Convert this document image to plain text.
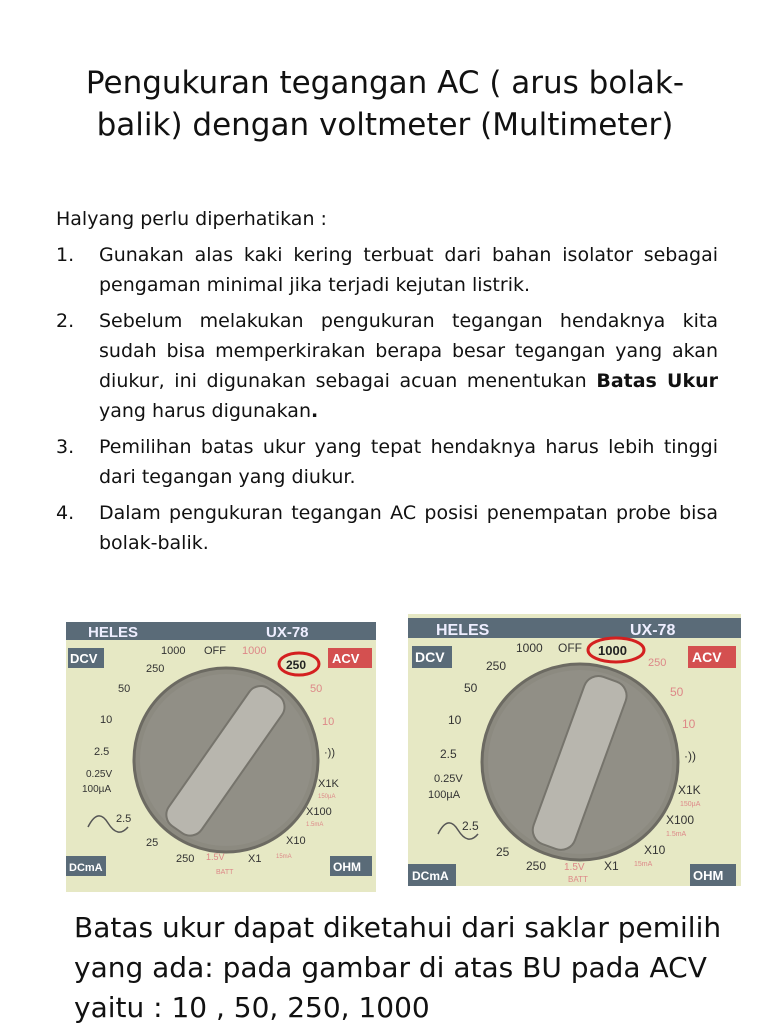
Pengukuran tegangan AC ( arus bolak-balik) dengan voltmeter (Multimeter)
Halyang perlu diperhatikan :
1. Gunakan alas kaki kering terbuat dari bahan isolator sebagai pengaman minimal jika terjadi kejutan listrik.
2. Sebelum melakukan pengukuran tegangan hendaknya kita sudah bisa memperkirakan berapa besar tegangan yang akan diukur, ini digunakan sebagai acuan menentukan Batas Ukur yang harus digunakan.
3. Pemilihan batas ukur yang tepat hendaknya harus lebih tinggi dari tegangan yang diukur.
4. Dalam pengukuran tegangan AC posisi penempatan probe bisa bolak-balik.
HELES	UX-78
DCV	ACV
1000 OFF 1000
250
50
10
2.5
0.25V
100µA
2.5
25
250
250
50
10
·))
X1K
150µA
X100
1.5mA
X10
15mA
X1
1.5V
BATT
DCmA	OHM
HELES	UX-78
DCV	ACV
1000 OFF 1000
250
250
50
10
2.5
0.25V
100µA
2.5
25
250
50
10
·))
X1K
150µA
X100
1.5mA
X10
15mA
X1
1.5V
BATT
DCmA	OHM

Batas ukur dapat diketahui dari saklar pemilih yang ada: pada gambar di atas BU pada ACV yaitu : 10 , 50, 250, 1000
